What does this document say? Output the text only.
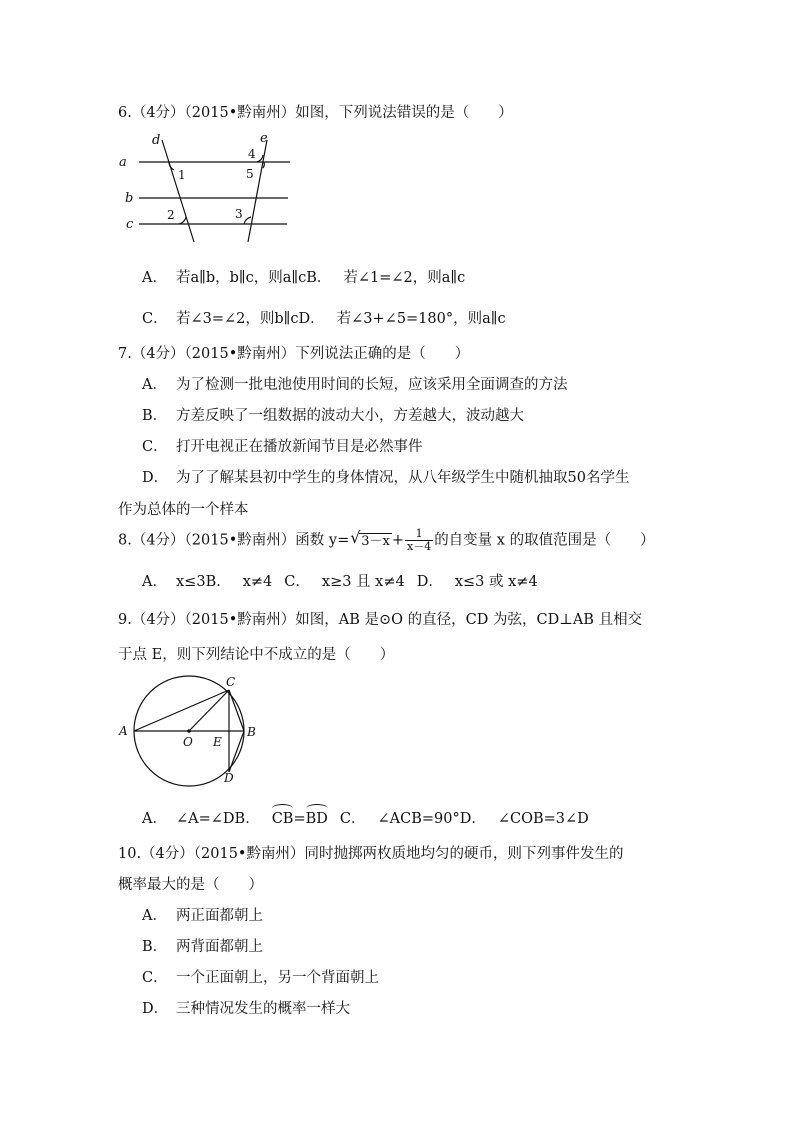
6.（4分）（2015•黔南州）如图，下列说法错误的是（　　）
a
b
c
d	e
1
2	3
4
5
A． 若a∥b，b∥c，则a∥cB． 若∠1=∠2，则a∥c
C． 若∠3=∠2，则b∥cD． 若∠3+∠5=180°，则a∥c
7.（4分）（2015•黔南州）下列说法正确的是（　　）
A． 为了检测一批电池使用时间的长短，应该采用全面调查的方法
B． 方差反映了一组数据的波动大小，方差越大，波动越大
C． 打开电视正在播放新闻节目是必然事件
D． 为了了解某县初中学生的身体情况，从八年级学生中随机抽取50名学生
作为总体的一个样本
8.（4分）（2015•黔南州）函数 y= √ $3-x + \frac{1}{x-4}$ 的自变量 x 的取值范围是（　　）
A． x≤3B． x≠4 C． x≥3 且 x≠4 D． x≤3 或 x≠4
9.（4分）（2015•黔南州）如图，AB 是⊙O 的直径，CD 为弦，CD⊥AB 且相交
于点 E，则下列结论中不成立的是（　　）
A	B
C
D
O E
A． ∠A=∠DB． CB=BD C． ∠ACB=90°D． ∠COB=3∠D
10.（4分）（2015•黔南州）同时抛掷两枚质地均匀的硬币，则下列事件发生的
概率最大的是（　　）
A． 两正面都朝上
B． 两背面都朝上
C． 一个正面朝上，另一个背面朝上
D． 三种情况发生的概率一样大
